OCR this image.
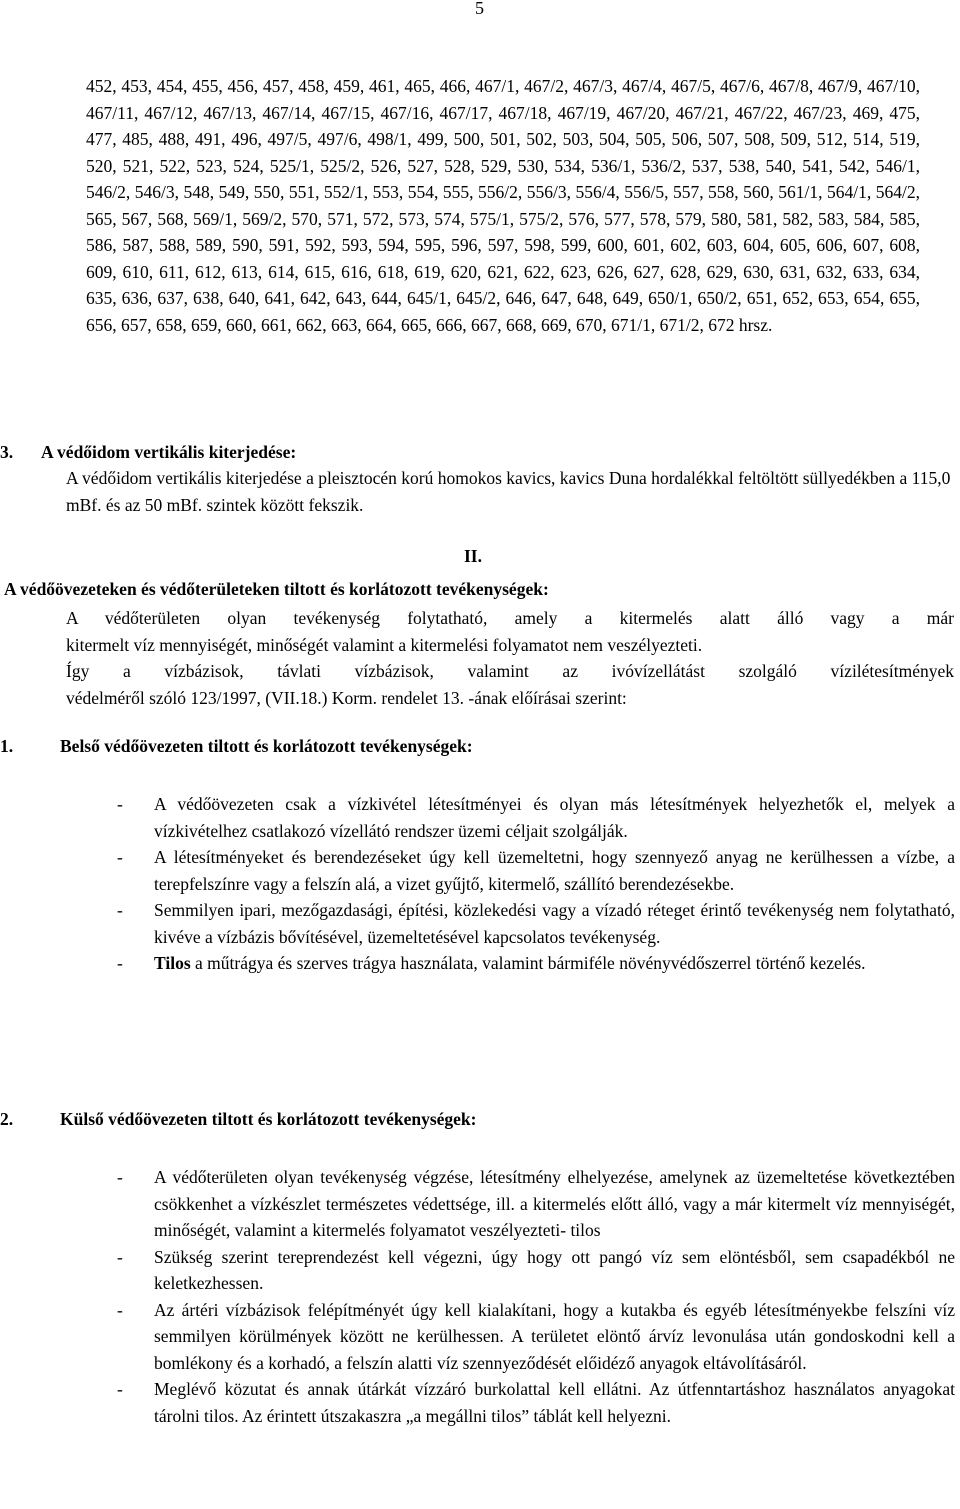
5

452, 453, 454, 455, 456, 457, 458, 459, 461, 465, 466, 467/1, 467/2, 467/3, 467/4, 467/5, 467/6, 467/8, 467/9, 467/10, 467/11, 467/12, 467/13, 467/14, 467/15, 467/16, 467/17, 467/18, 467/19, 467/20, 467/21, 467/22, 467/23, 469, 475, 477, 485, 488, 491, 496, 497/5, 497/6, 498/1, 499, 500, 501, 502, 503, 504, 505, 506, 507, 508, 509, 512, 514, 519, 520, 521, 522, 523, 524, 525/1, 525/2, 526, 527, 528, 529, 530, 534, 536/1, 536/2, 537, 538, 540, 541, 542, 546/1, 546/2, 546/3, 548, 549, 550, 551, 552/1, 553, 554, 555, 556/2, 556/3, 556/4, 556/5, 557, 558, 560, 561/1, 564/1, 564/2, 565, 567, 568, 569/1, 569/2, 570, 571, 572, 573, 574, 575/1, 575/2, 576, 577, 578, 579, 580, 581, 582, 583, 584, 585, 586, 587, 588, 589, 590, 591, 592, 593, 594, 595, 596, 597, 598, 599, 600, 601, 602, 603, 604, 605, 606, 607, 608, 609, 610, 611, 612, 613, 614, 615, 616, 618, 619, 620, 621, 622, 623, 626, 627, 628, 629, 630, 631, 632, 633, 634, 635, 636, 637, 638, 640, 641, 642, 643, 644, 645/1, 645/2, 646, 647, 648, 649, 650/1, 650/2, 651, 652, 653, 654, 655, 656, 657, 658, 659, 660, 661, 662, 663, 664, 665, 666, 667, 668, 669, 670, 671/1, 671/2, 672 hrsz.

3. A védőidom vertikális kiterjedése:

A védőidom vertikális kiterjedése a pleisztocén korú homokos kavics, kavics Duna hordalékkal feltöltött süllyedékben a 115,0 mBf. és az 50 mBf. szintek között fekszik.

II.

A védőövezeteken és védőterületeken tiltott és korlátozott tevékenységek:

A védőterületen olyan tevékenység folytatható, amely a kitermelés alatt álló vagy a már
kitermelt víz mennyiségét, minőségét valamint a kitermelési folyamatot nem veszélyezteti.
Így a vízbázisok, távlati vízbázisok, valamint az ivóvízellátást szolgáló vízilétesítmények
védelméről szóló 123/1997, (VII.18.) Korm. rendelet 13. -ának előírásai szerint:

1.	Belső védőövezeten tiltott és korlátozott tevékenységek:

- A védőövezeten csak a vízkivétel létesítményei és olyan más létesítmények helyezhetők el, melyek a vízkivételhez csatlakozó vízellátó rendszer üzemi céljait szolgálják.
- A létesítményeket és berendezéseket úgy kell üzemeltetni, hogy szennyező anyag ne kerülhessen a vízbe, a terepfelszínre vagy a felszín alá, a vizet gyűjtő, kitermelő, szállító berendezésekbe.
- Semmilyen ipari, mezőgazdasági, építési, közlekedési vagy a vízadó réteget érintő tevékenység nem folytatható, kivéve a vízbázis bővítésével, üzemeltetésével kapcsolatos tevékenység.
- Tilos a műtrágya és szerves trágya használata, valamint bármiféle növényvédőszerrel történő kezelés.

2.	Külső védőövezeten tiltott és korlátozott tevékenységek:

- A védőterületen olyan tevékenység végzése, létesítmény elhelyezése, amelynek az üzemeltetése következtében csökkenhet a vízkészlet természetes védettsége, ill. a kitermelés előtt álló, vagy a már kitermelt víz mennyiségét, minőségét, valamint a kitermelés folyamatot veszélyezteti- tilos
- Szükség szerint tereprendezést kell végezni, úgy hogy ott pangó víz sem elöntésből, sem csapadékból ne keletkezhessen.
- Az ártéri vízbázisok felépítményét úgy kell kialakítani, hogy a kutakba és egyéb létesítményekbe felszíni víz semmilyen körülmények között ne kerülhessen. A területet elöntő árvíz levonulása után gondoskodni kell a bomlékony és a korhadó, a felszín alatti víz szennyeződését előidéző anyagok eltávolításáról.
- Meglévő közutat és annak útárkát vízzáró burkolattal kell ellátni. Az útfenntartáshoz használatos anyagokat tárolni tilos. Az érintett útszakaszra „a megállni tilos” táblát kell helyezni.
